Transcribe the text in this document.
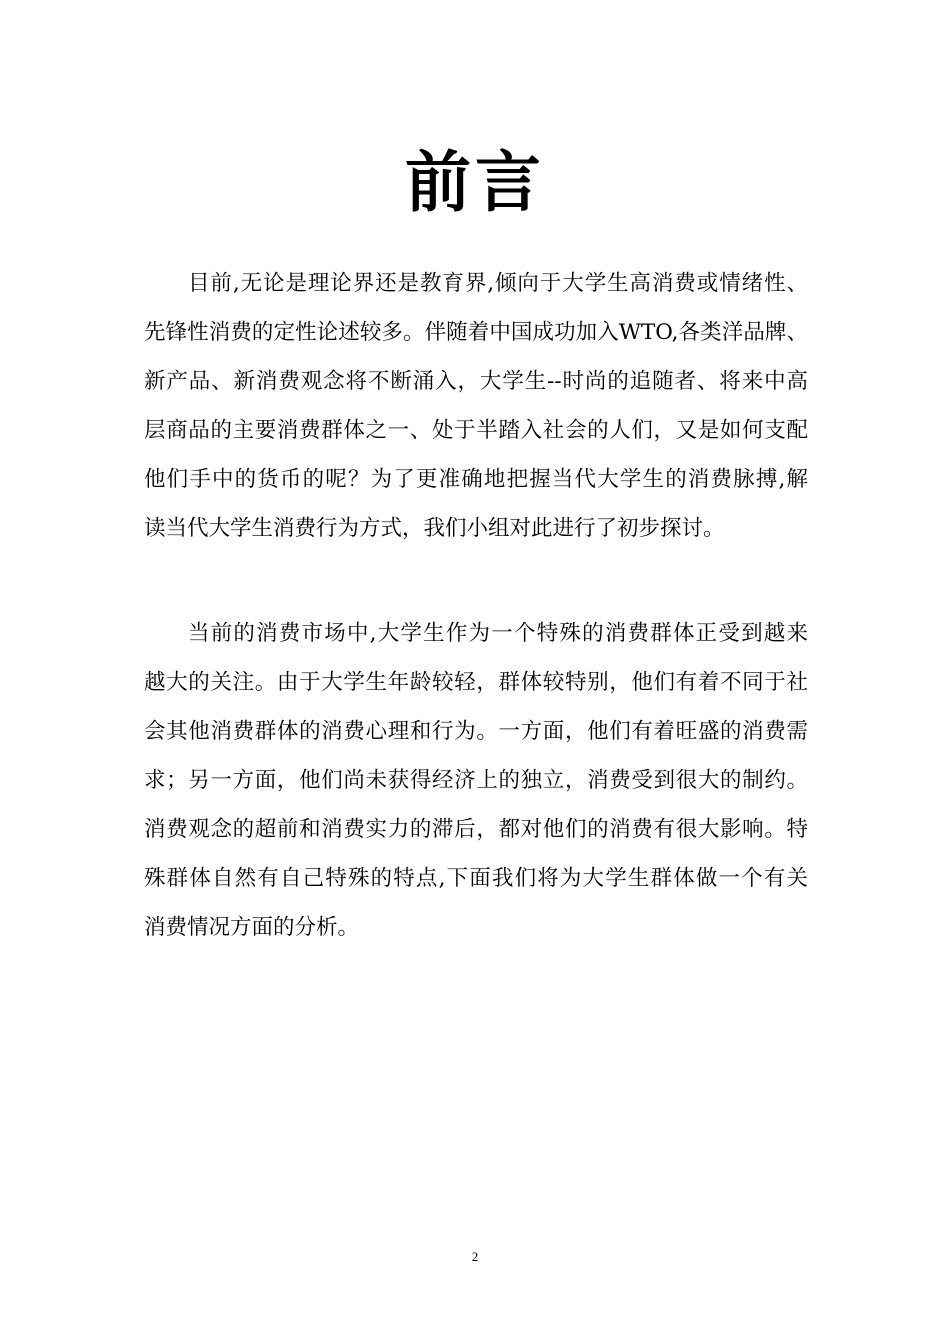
前言
目前,无论是理论界还是教育界,倾向于大学生高消费或情绪性、
先锋性消费的定性论述较多。伴随着中国成功加入WTO,各类洋品牌、
新产品、新消费观念将不断涌入，大学生--时尚的追随者、将来中高
层商品的主要消费群体之一、处于半踏入社会的人们，又是如何支配
他们手中的货币的呢？为了更准确地把握当代大学生的消费脉搏,解
读当代大学生消费行为方式，我们小组对此进行了初步探讨。
当前的消费市场中,大学生作为一个特殊的消费群体正受到越来
越大的关注。由于大学生年龄较轻，群体较特别，他们有着不同于社
会其他消费群体的消费心理和行为。一方面，他们有着旺盛的消费需
求；另一方面，他们尚未获得经济上的独立，消费受到很大的制约。
消费观念的超前和消费实力的滞后，都对他们的消费有很大影响。特
殊群体自然有自己特殊的特点,下面我们将为大学生群体做一个有关
消费情况方面的分析。
2
